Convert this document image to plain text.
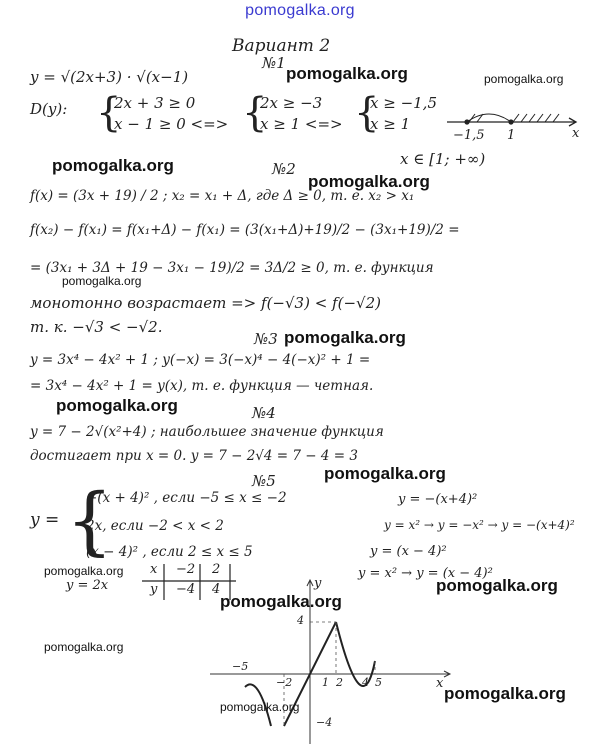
pomogalka.org
Вариант 2
№1
y = √(2x+3) · √(x−1)
D(y): {
2x + 3 ≥ 0
x − 1 ≥ 0 <=> {
2x ≥ −3
x ≥ 1 <=> {
x ≥ −1,5
x ≥ 1
−1,5 1	x
x ∈ [1; +∞)
№2
f(x) = (3x + 19) / 2 ; x₂ = x₁ + Δ, где Δ ≥ 0, т. е. x₂ > x₁
f(x₂) − f(x₁) = f(x₁+Δ) − f(x₁) = (3(x₁+Δ)+19)/2 − (3x₁+19)/2 =
= (3x₁ + 3Δ + 19 − 3x₁ − 19)/2 = 3Δ/2 ≥ 0, т. е. функция
монотонно возрастает => f(−√3) < f(−√2)
т. к. −√3 < −√2.
№3
y = 3x⁴ − 4x² + 1 ; y(−x) = 3(−x)⁴ − 4(−x)² + 1 =
= 3x⁴ − 4x² + 1 = y(x), т. е. функция — четная.
№4
y = 7 − 2√(x²+4) ; наибольшее значение функция
достигает при x = 0. y = 7 − 2√4 = 7 − 4 = 3
№5
y = {
−(x + 4)² , если −5 ≤ x ≤ −2
2x, если −2 < x < 2
(x − 4)² , если 2 ≤ x ≤ 5
y = −(x+4)²
y = x² → y = −x² → y = −(x+4)²
y = (x − 4)²
y = x² → y = (x − 4)²
y = 2x
x −2 2
y −4 4	y
x
4
−4
1 2 4 5
−2
−5
pomogalka.org	pomogalka.org
pomogalka.org
pomogalka.org
pomogalka.org
pomogalka.org
pomogalka.org
pomogalka.org
pomogalka.org
pomogalka.org
pomogalka.org
pomogalka.org
pomogalka.org
pomogalka.org
